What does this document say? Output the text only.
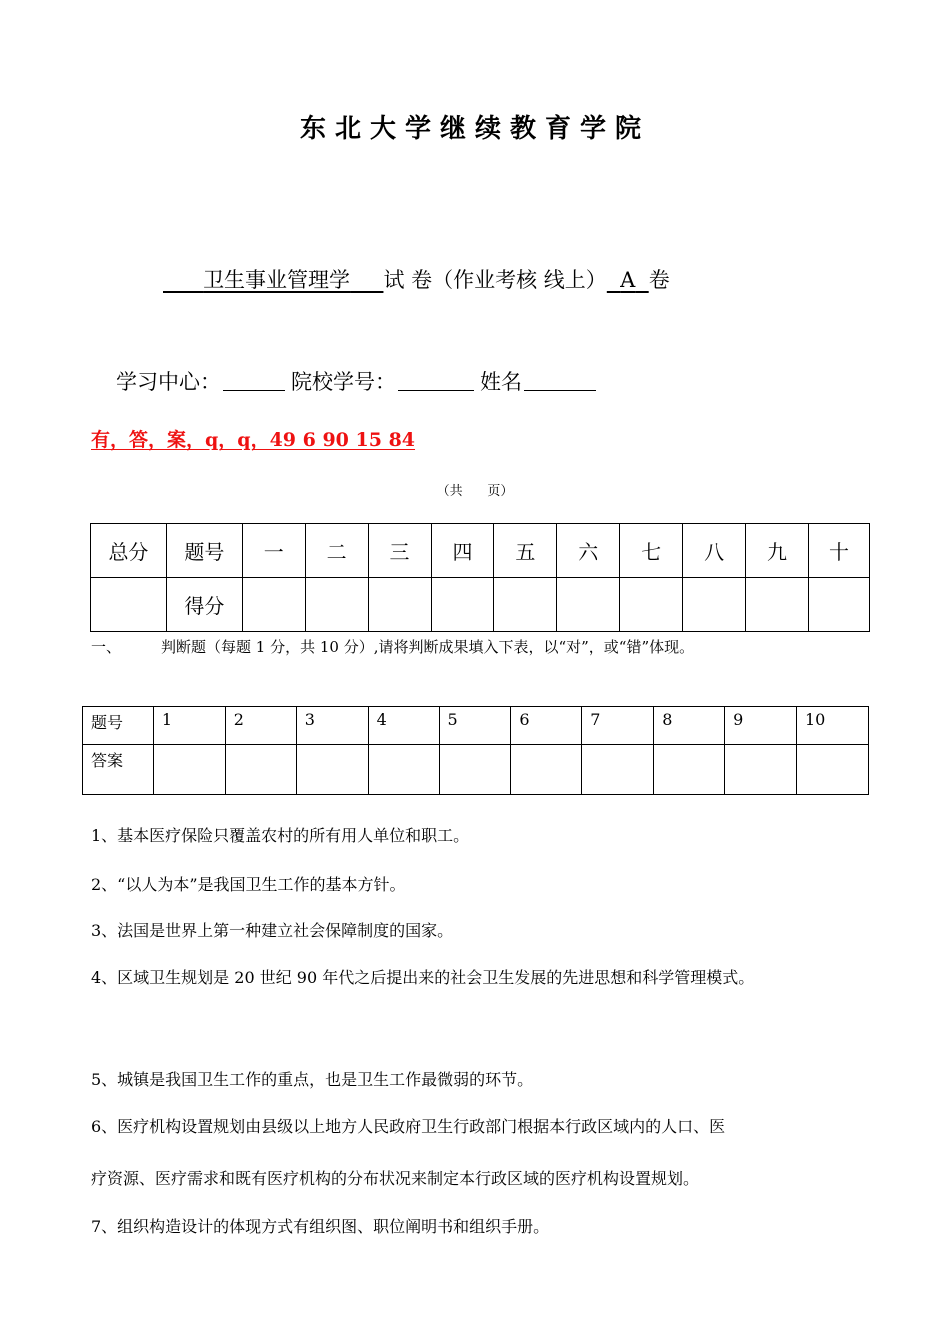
东北大学继续教育学院
卫生事业管理学 试 卷（作业考核 线上） A 卷
学习中心：	院校学号：	姓名
有，答，案，q，q，49 6 90 15 84
（共      页）
总分	题号	一	二	三	四	五	六	七	八	九	十
	得分										
一、	判断题（每题 1 分，共 10 分）,请将判断成果填入下表，以“对”，或“错”体现。
题号	1	2	3	4	5	6	7	8	9	10
答案										
1、基本医疗保险只覆盖农村的所有用人单位和职工。
2、“以人为本”是我国卫生工作的基本方针。
3、法国是世界上第一种建立社会保障制度的国家。
4、区域卫生规划是 20 世纪 90 年代之后提出来的社会卫生发展的先进思想和科学管理模式。
5、城镇是我国卫生工作的重点，也是卫生工作最微弱的环节。
6、医疗机构设置规划由县级以上地方人民政府卫生行政部门根据本行政区域内的人口、医
疗资源、医疗需求和既有医疗机构的分布状况来制定本行政区域的医疗机构设置规划。
7、组织构造设计的体现方式有组织图、职位阐明书和组织手册。
